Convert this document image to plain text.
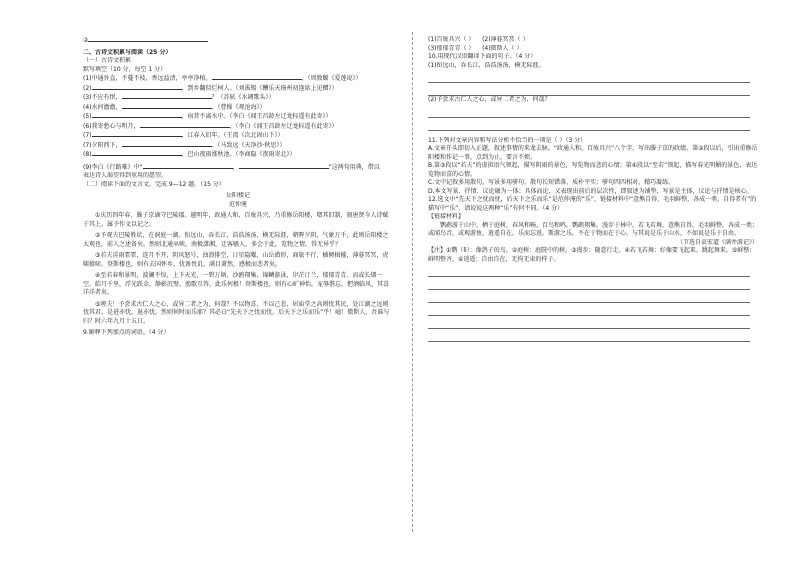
②
二、古诗文积累与阅读（25 分）
（一）古诗文积累
默写填空（10 分，每空 1 分）
(1)中通外直，不蔓不枝，香远益清，亭亭净植。	。（周敦颐《爱莲说》）
(2)	，到乡翻似烂柯人。（刘禹锡《酬乐天扬州初逢席上见赠》）
(3)不应有恨，	？（苏轼《水调歌头》）
(4)水何澹澹，	。（曹操《观沧海》）
(5)	，宿昔不离水中。（李白《闻王昌龄左迁龙标遥有此寄》）
(6)我寄愁心与明月，	。（李白《闻王昌龄左迁龙标遥有此寄》）
(7)	，江春入旧年。（王湾《次北固山下》）
(7)夕阳西下，	。（马致远《天净沙·秋思》）
(8)	，巴山夜雨涨秋池。（李商隐《夜雨寄北》）
(9)李白《行路难》中“	，	”这两句用典，借以
表达诗人渴望得到重用的愿望。
（二）阅读下面的文言文，完成 9—12 题。（15 分）
岳阳楼记
范仲淹
①庆历四年春，滕子京谪守巴陵郡。越明年，政通人和，百废具兴，乃重修岳阳楼，增其旧制，刻唐贤今人诗赋于其上，属予作文以记之。
②予观夫巴陵胜状，在洞庭一湖。衔远山，吞长江，浩浩汤汤，横无际涯，朝晖夕阴，气象万千，此则岳阳楼之大观也，前人之述备矣。然则北通巫峡，南极潇湘，迁客骚人，多会于此，览物之情，得无异乎？
③若夫淫雨霏霏，连月不开，阴风怒号，浊浪排空，日星隐曜，山岳潜形，商旅不行，樯倾楫摧，薄暮冥冥，虎啸猿啼。登斯楼也，则有去国怀乡，忧谗畏讥，满目萧然，感极而悲者矣。
④至若春和景明，波澜不惊，上下天光，一碧万顷，沙鸥翔集，锦鳞游泳，岸芷汀兰，郁郁青青。而或长烟一空，皓月千里，浮光跃金，静影沉璧，渔歌互答，此乐何极！登斯楼也，则有心旷神怡，宠辱偕忘，把酒临风，其喜洋洋者矣。
⑤嗟夫！予尝求古仁人之心，或异二者之为，何哉？不以物喜，不以己悲，居庙堂之高则忧其民，处江湖之远则忧其君。是进亦忧，退亦忧。然则何时而乐耶？其必曰“先天下之忧而忧，后天下之乐而乐”乎！噫！微斯人，吾谁与归？时六年九月十五日。
9.解释下列加点的词语。（4 分）
(1)百废具兴（ ） (2)薄暮冥冥（ ）
(3)郁郁青青（ ） (4)微斯人（ ）
10.用现代汉语翻译下面的句子。（4 分）
(1)衔远山，吞长江，浩浩汤汤，横无际涯。
(2)予尝求古仁人之心，或异二者之为，何哉？
11.下列对文章内容和写法分析不恰当的一项是（ ）（3 分）
A.文章开头即切入正题，叙述事情的来龙去脉。“政通人和，百废具兴”八个字，写出滕子京的政绩。第②段以后，引出重修岳阳楼和作记一事，点到为止，要言不烦。
B.第③段以“若夫”的虚拟语气领起，描写阴雨的景色，写览物而悲的心情；第④段以“至若”领起，描写春光明媚的景色，表达览物而喜的心情。
C.文中记叙多用散句，写景多用骈句，散句长短错落，质朴平实；骈句四四相对，精巧凝练。
D.本文写景、抒情、议论融为一体；具体而论，又表现出前后的层次性，即叙述为铺垫，写景是主体，议论与抒情是核心。
12.选文中“先天下之忧而忧，后天下之乐而乐”是范仲淹的“乐”，链接材料中“意熊自得，毛羽鲜整，各成一类，自得者有”的描写中“乐”，请说说这两种“乐”有何不同。（4 分）
【链接材料】
鹦鹉游于山中，栖于庭树，春风和畅，百鸟和鸣，鹦鹉翔集。漫步于林中，若飞若舞，意熊自得，毛羽鲜整，各成一类；或闻鸟音，或观游鱼，逍遥自在，乐而忘返。斯游之乐，不在于物而在于心，与其说是乐于山水，不如说是乐于自由。
（节选自袁宏道《满井游记》）
【注】①鹦（lì）：像鸽子的鸟。②庭树：庭院中的树。③漫步：随意行走。④若飞若舞：好像要飞起来、跳起舞来。⑤鲜整：鲜明整齐。⑥逍遥：自由自在，无拘无束的样子。
